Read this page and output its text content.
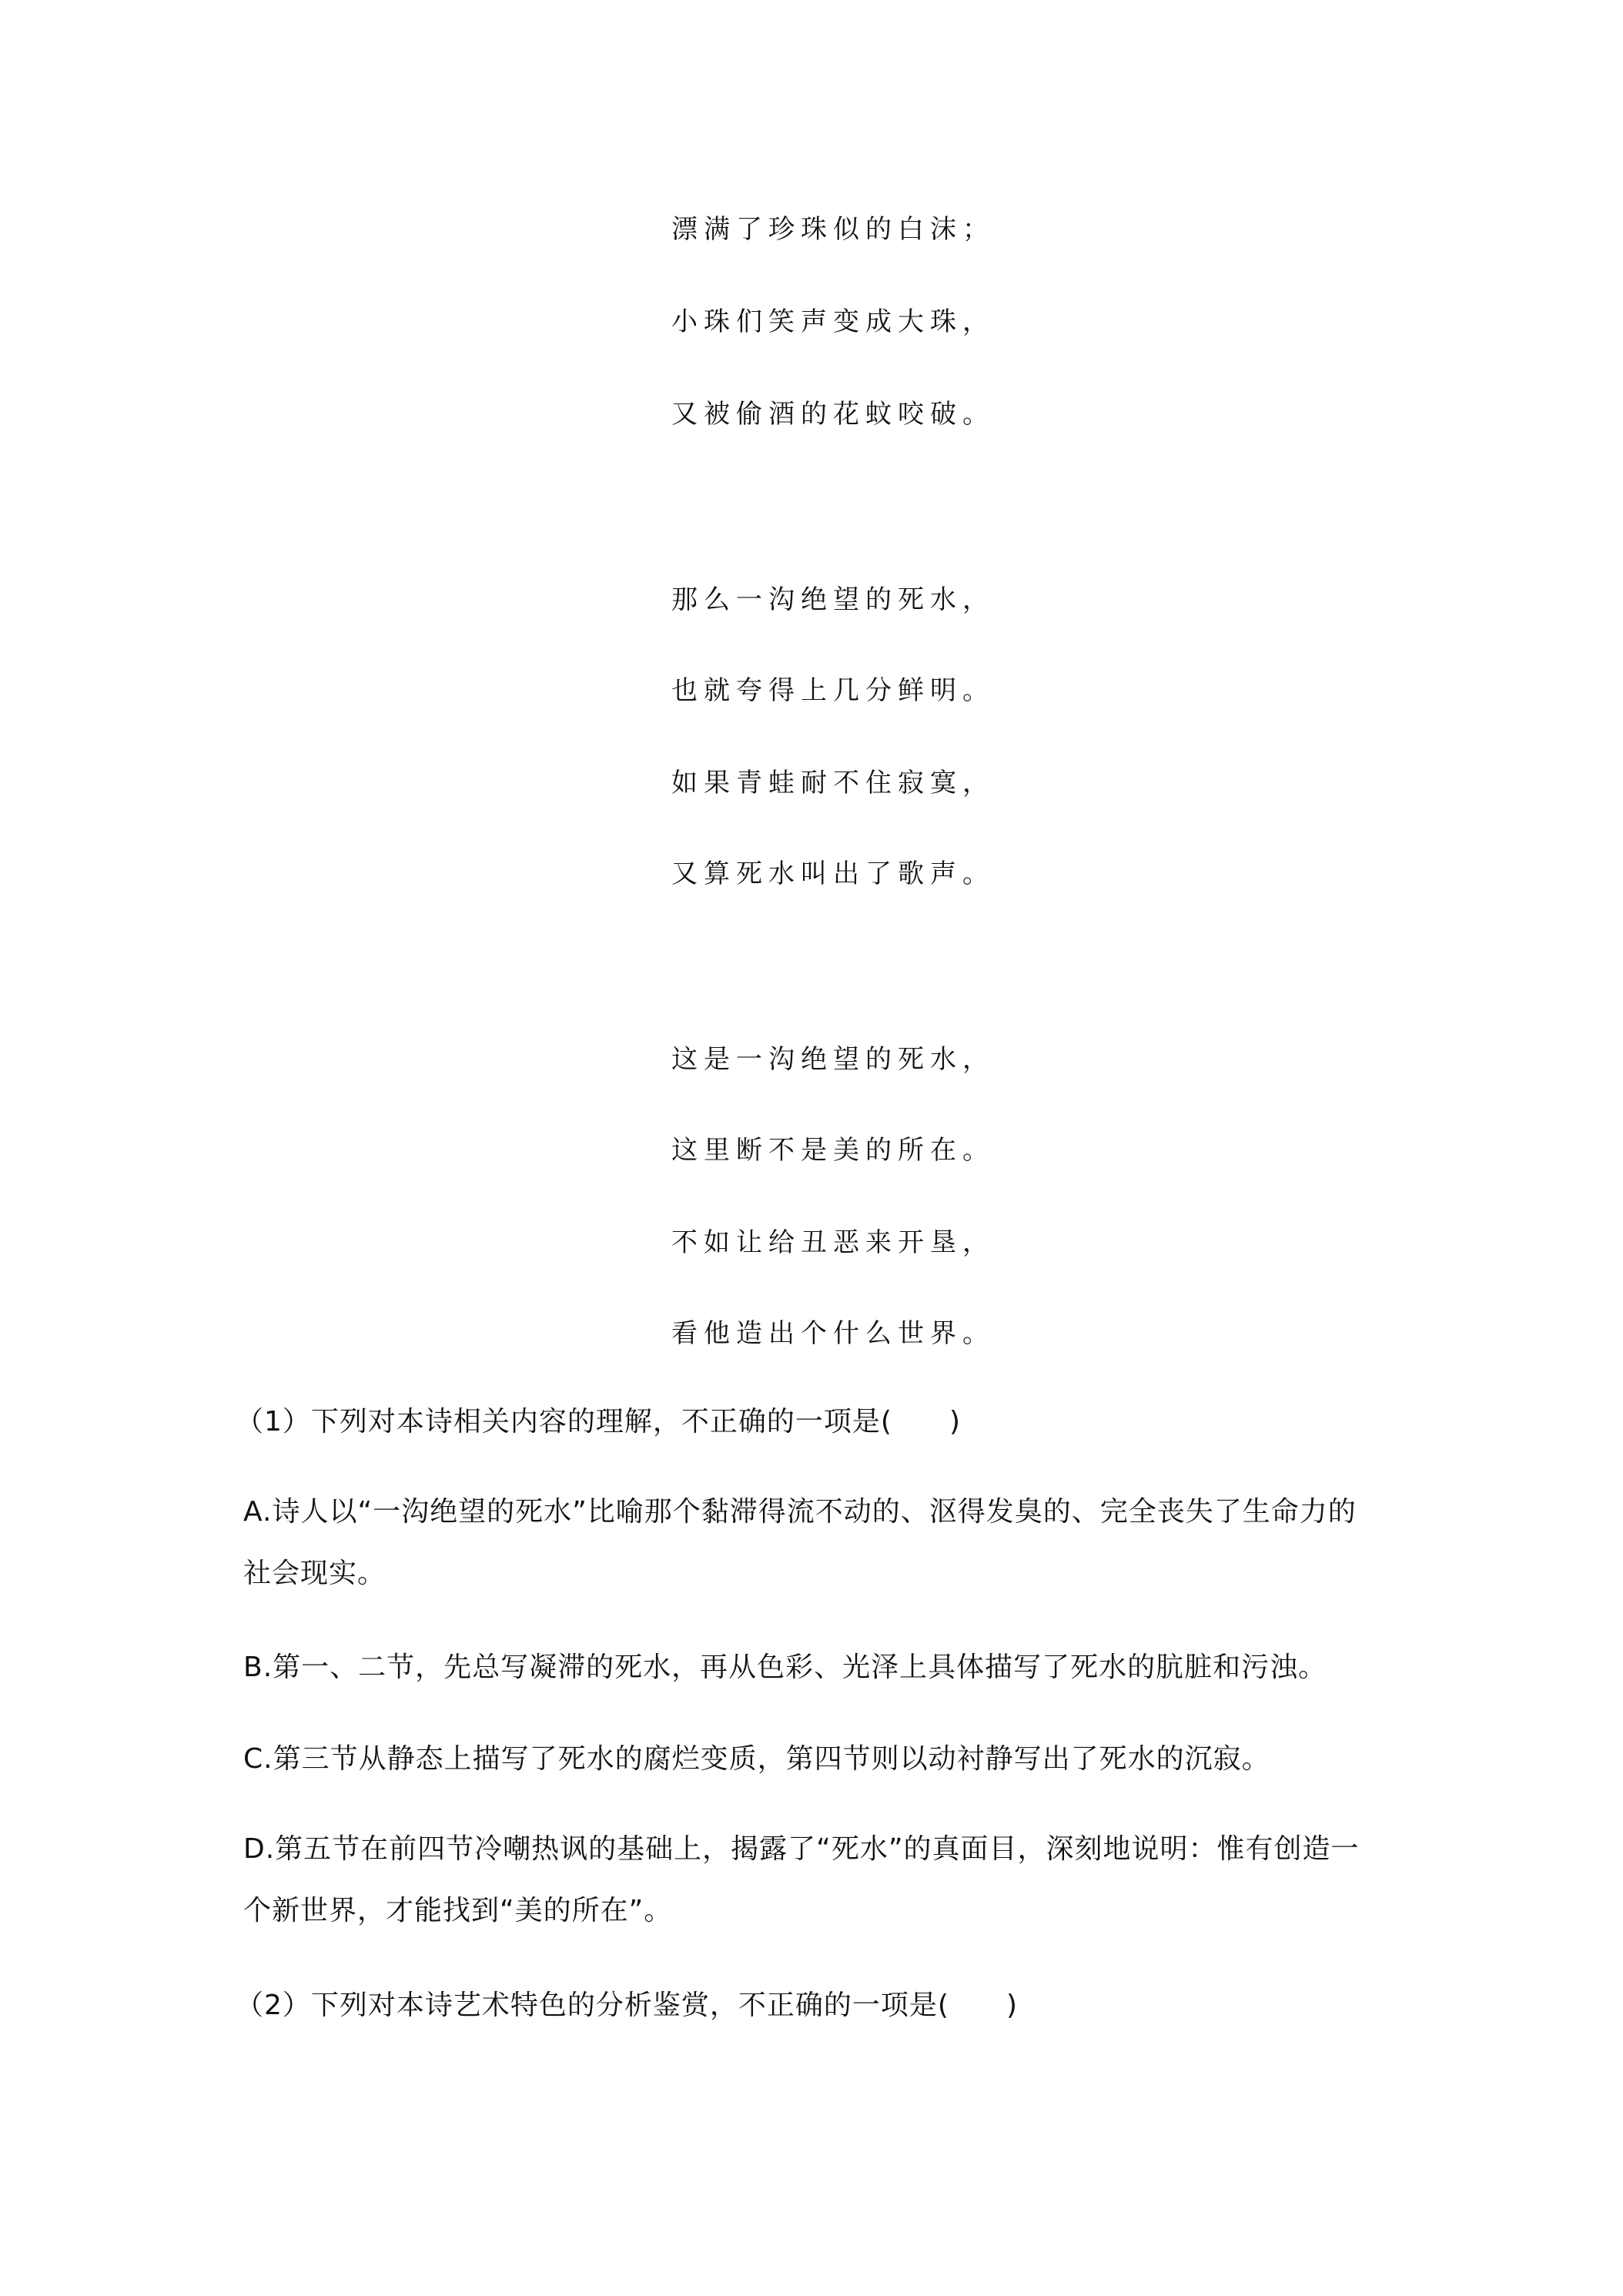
漂满了珍珠似的白沫；
小珠们笑声变成大珠，
又被偷酒的花蚊咬破。
那么一沟绝望的死水，
也就夸得上几分鲜明。
如果青蛙耐不住寂寞，
又算死水叫出了歌声。
这是一沟绝望的死水，
这里断不是美的所在。
不如让给丑恶来开垦，
看他造出个什么世界。
（1）下列对本诗相关内容的理解，不正确的一项是(　　)
A.诗人以“一沟绝望的死水”比喻那个黏滞得流不动的、沤得发臭的、完全丧失了生命力的
社会现实。
B.第一、二节，先总写凝滞的死水，再从色彩、光泽上具体描写了死水的肮脏和污浊。
C.第三节从静态上描写了死水的腐烂变质，第四节则以动衬静写出了死水的沉寂。
D.第五节在前四节冷嘲热讽的基础上，揭露了“死水”的真面目，深刻地说明：惟有创造一
个新世界，才能找到“美的所在”。
（2）下列对本诗艺术特色的分析鉴赏，不正确的一项是(　　)
